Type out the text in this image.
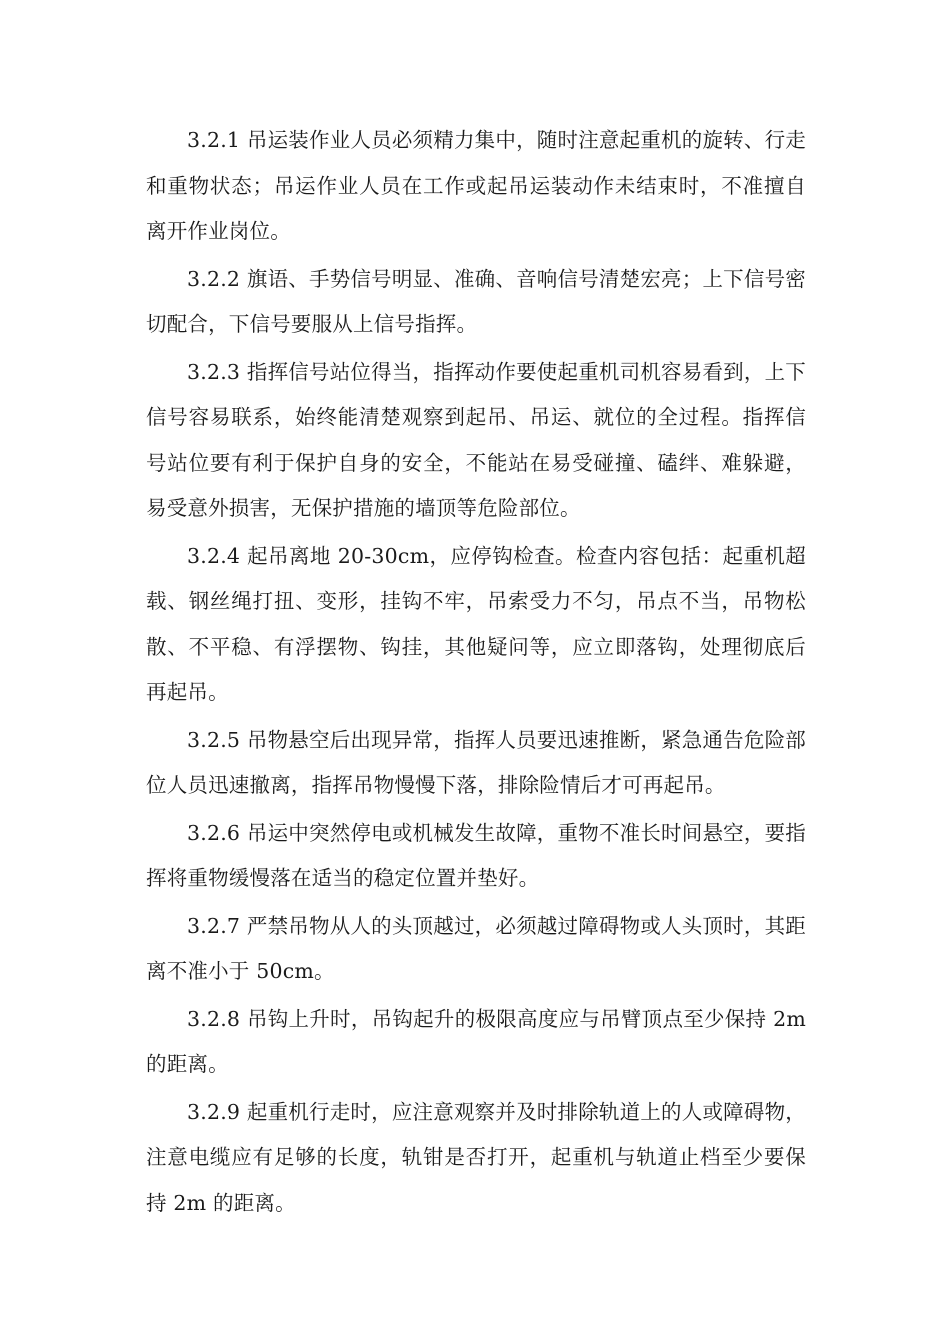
3.2.1 吊运装作业人员必须精力集中，随时注意起重机的旋转、行走和重物状态；吊运作业人员在工作或起吊运装动作未结束时，不准擅自离开作业岗位。

3.2.2 旗语、手势信号明显、准确、音响信号清楚宏亮；上下信号密切配合，下信号要服从上信号指挥。

3.2.3 指挥信号站位得当，指挥动作要使起重机司机容易看到，上下信号容易联系，始终能清楚观察到起吊、吊运、就位的全过程。指挥信号站位要有利于保护自身的安全，不能站在易受碰撞、磕绊、难躲避，易受意外损害，无保护措施的墙顶等危险部位。

3.2.4 起吊离地 20-30cm，应停钩检查。检查内容包括：起重机超载、钢丝绳打扭、变形，挂钩不牢，吊索受力不匀，吊点不当，吊物松散、不平稳、有浮摆物、钩挂，其他疑问等，应立即落钩，处理彻底后再起吊。

3.2.5 吊物悬空后出现异常，指挥人员要迅速推断，紧急通告危险部位人员迅速撤离，指挥吊物慢慢下落，排除险情后才可再起吊。

3.2.6 吊运中突然停电或机械发生故障，重物不准长时间悬空，要指挥将重物缓慢落在适当的稳定位置并垫好。

3.2.7 严禁吊物从人的头顶越过，必须越过障碍物或人头顶时，其距离不准小于 50cm。

3.2.8 吊钩上升时，吊钩起升的极限高度应与吊臂顶点至少保持 2m 的距离。

3.2.9 起重机行走时，应注意观察并及时排除轨道上的人或障碍物，注意电缆应有足够的长度，轨钳是否打开，起重机与轨道止档至少要保持 2m 的距离。
